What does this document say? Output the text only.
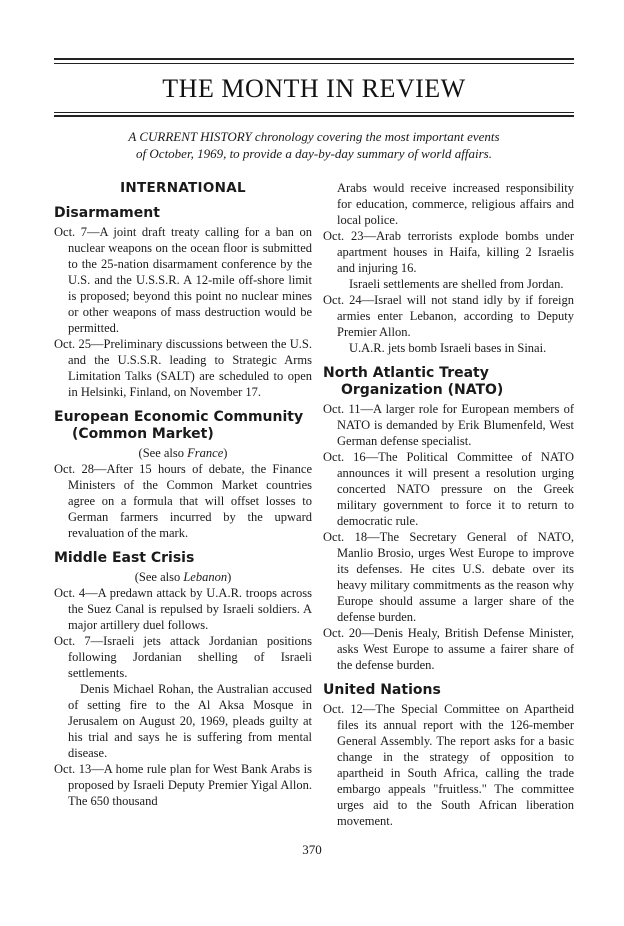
THE MONTH IN REVIEW
A CURRENT HISTORY chronology covering the most important events
of October, 1969, to provide a day-by-day summary of world affairs.
INTERNATIONAL
Disarmament

Oct. 7—A joint draft treaty calling for a ban on nuclear weapons on the ocean floor is submitted to the 25-nation disarmament conference by the U.S. and the U.S.S.R. A 12-mile off-shore limit is proposed; beyond this point no nuclear mines or other weapons of mass destruction would be permitted.

Oct. 25—Preliminary discussions between the U.S. and the U.S.S.R. leading to Strategic Arms Limitation Talks (SALT) are scheduled to open in Helsinki, Finland, on November 17.

European Economic Community
(Common Market)
(See also France)

Oct. 28—After 15 hours of debate, the Finance Ministers of the Common Market countries agree on a formula that will offset losses to German farmers incurred by the upward revaluation of the mark.

Middle East Crisis
(See also Lebanon)

Oct. 4—A predawn attack by U.A.R. troops across the Suez Canal is repulsed by Israeli soldiers. A major artillery duel follows.

Oct. 7—Israeli jets attack Jordanian positions following Jordanian shelling of Israeli settlements.

Denis Michael Rohan, the Australian accused of setting fire to the Al Aksa Mosque in Jerusalem on August 20, 1969, pleads guilty at his trial and says he is suffering from mental disease.

Oct. 13—A home rule plan for West Bank Arabs is proposed by Israeli Deputy Premier Yigal Allon. The 650 thousand

Arabs would receive increased responsibility for education, commerce, religious affairs and local police.

Oct. 23—Arab terrorists explode bombs under apartment houses in Haifa, killing 2 Israelis and injuring 16.

Israeli settlements are shelled from Jordan.

Oct. 24—Israel will not stand idly by if foreign armies enter Lebanon, according to Deputy Premier Allon.

U.A.R. jets bomb Israeli bases in Sinai.

North Atlantic Treaty
Organization (NATO)

Oct. 11—A larger role for European members of NATO is demanded by Erik Blumenfeld, West German defense specialist.

Oct. 16—The Political Committee of NATO announces it will present a resolution urging concerted NATO pressure on the Greek military government to force it to return to democratic rule.

Oct. 18—The Secretary General of NATO, Manlio Brosio, urges West Europe to improve its defenses. He cites U.S. debate over its heavy military commitments as the reason why Europe should assume a larger share of the defense burden.

Oct. 20—Denis Healy, British Defense Minister, asks West Europe to assume a fairer share of the defense burden.

United Nations

Oct. 12—The Special Committee on Apartheid files its annual report with the 126-member General Assembly. The report asks for a basic change in the strategy of opposition to apartheid in South Africa, calling the trade embargo appeals "fruitless." The committee urges aid to the South African liberation movement.

370
